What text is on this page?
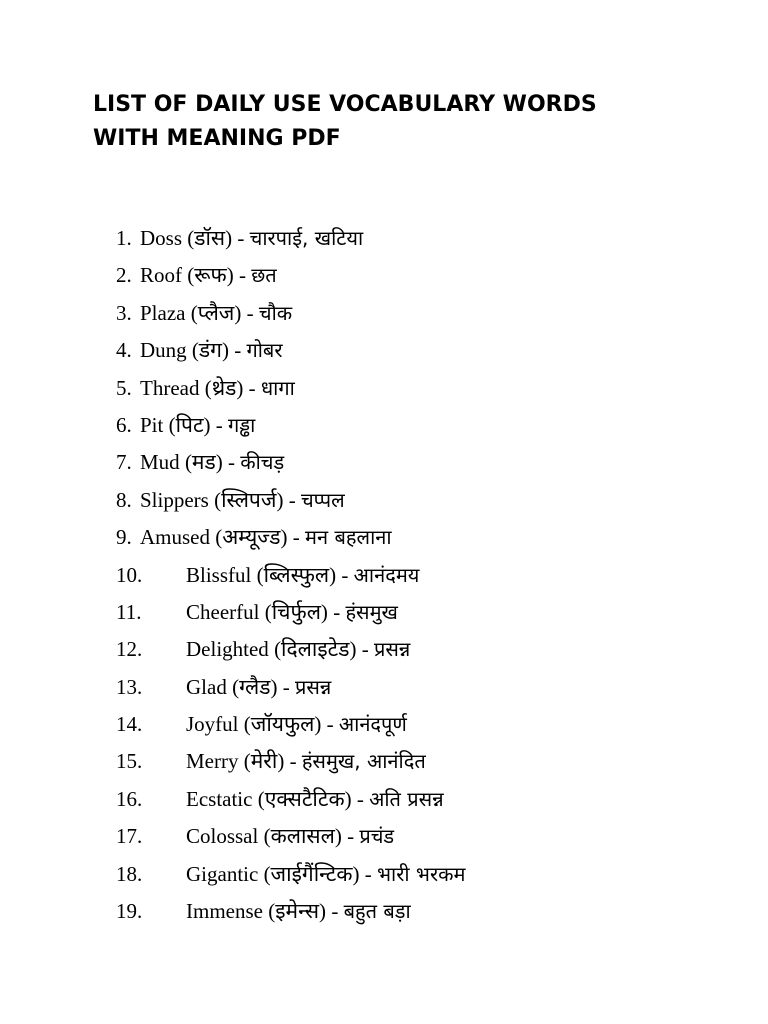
LIST OF DAILY USE VOCABULARY WORDS
WITH MEANING PDF
1. Doss (डॉस) - चारपाई, खटिया
2. Roof (रूफ) - छत
3. Plaza (प्लैज) - चौक
4. Dung (डंग) - गोबर
5. Thread (थ्रेड) - धागा
6. Pit (पिट) - गड्ढा
7. Mud (मड) - कीचड़
8. Slippers (स्लिपर्ज) - चप्पल
9. Amused (अम्यूज्ड) - मन बहलाना
10. Blissful (ब्लिस्फुल) - आनंदमय
11. Cheerful (चिर्फुल) - हंसमुख
12. Delighted (दिलाइटेड) - प्रसन्न
13. Glad (ग्लैड) - प्रसन्न
14. Joyful (जॉयफुल) - आनंदपूर्ण
15. Merry (मेरी) - हंसमुख, आनंदित
16. Ecstatic (एक्सटैटिक) - अति प्रसन्न
17. Colossal (कलासल) - प्रचंड
18. Gigantic (जाईगैंन्टिक) - भारी भरकम
19. Immense (इमेन्स) - बहुत बड़ा
